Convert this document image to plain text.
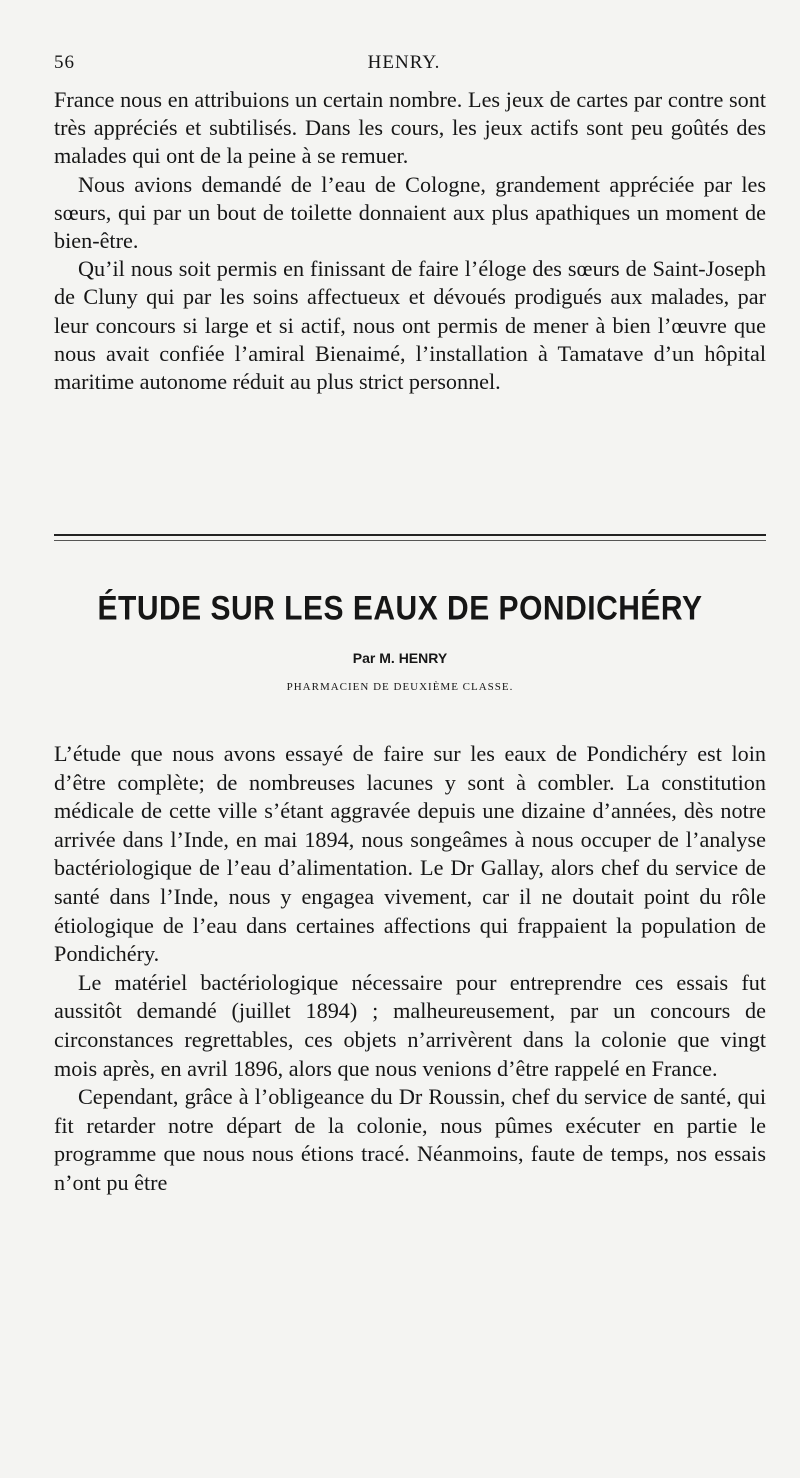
56	HENRY.

France nous en attribuions un certain nombre. Les jeux de cartes par contre sont très appréciés et subtilisés. Dans les cours, les jeux actifs sont peu goûtés des malades qui ont de la peine à se remuer.

Nous avions demandé de l’eau de Cologne, grandement appréciée par les sœurs, qui par un bout de toilette donnaient aux plus apathiques un moment de bien-être.

Qu’il nous soit permis en finissant de faire l’éloge des sœurs de Saint-Joseph de Cluny qui par les soins affectueux et dévoués prodigués aux malades, par leur concours si large et si actif, nous ont permis de mener à bien l’œuvre que nous avait confiée l’amiral Bienaimé, l’installation à Tamatave d’un hôpital maritime autonome réduit au plus strict personnel.

ÉTUDE SUR LES EAUX DE PONDICHÉRY
Par M. HENRY
PHARMACIEN DE DEUXIÈME CLASSE.

L’étude que nous avons essayé de faire sur les eaux de Pondichéry est loin d’être complète; de nombreuses lacunes y sont à combler. La constitution médicale de cette ville s’étant aggravée depuis une dizaine d’années, dès notre arrivée dans l’Inde, en mai 1894, nous songeâmes à nous occuper de l’analyse bactériologique de l’eau d’alimentation. Le Dr Gallay, alors chef du service de santé dans l’Inde, nous y engagea vivement, car il ne doutait point du rôle étiologique de l’eau dans certaines affections qui frappaient la population de Pondichéry.

Le matériel bactériologique nécessaire pour entreprendre ces essais fut aussitôt demandé (juillet 1894) ; malheureusement, par un concours de circonstances regrettables, ces objets n’arrivèrent dans la colonie que vingt mois après, en avril 1896, alors que nous venions d’être rappelé en France.

Cependant, grâce à l’obligeance du Dr Roussin, chef du service de santé, qui fit retarder notre départ de la colonie, nous pûmes exécuter en partie le programme que nous nous étions tracé. Néanmoins, faute de temps, nos essais n’ont pu être
